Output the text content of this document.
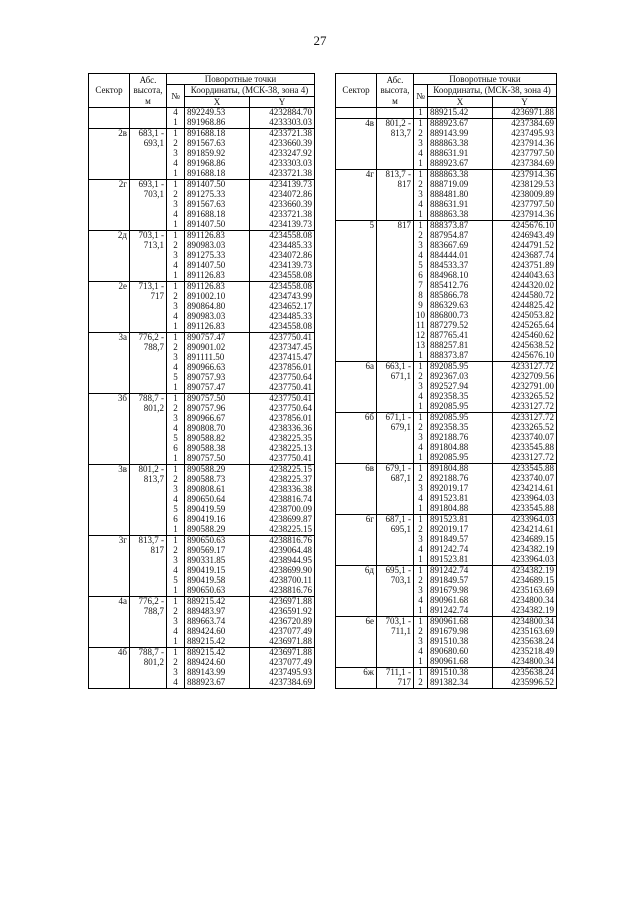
27
Сектор	Абс. высота, м	Поворотные точки		
		№	Координаты, (МСК-38, зона 4)	
			X	Y
		4	892249.53	4232884.70
		1	891968.86	4233303.03
2в	683,1 -	1	891688.18	4233721.38
	693,1	2	891567.63	4233660.39
		3	891859.92	4233247.92
		4	891968.86	4233303.03
		1	891688.18	4233721.38
2г	693,1 -	1	891407.50	4234139.73
	703,1	2	891275.33	4234072.86
		3	891567.63	4233660.39
		4	891688.18	4233721.38
		1	891407.50	4234139.73
2д	703,1 -	1	891126.83	4234558.08
	713,1	2	890983.03	4234485.33
		3	891275.33	4234072.86
		4	891407.50	4234139.73
		1	891126.83	4234558.08
2е	713,1 -	1	891126.83	4234558.08
	717	2	891002.10	4234743.99
		3	890864.80	4234652.17
		4	890983.03	4234485.33
		1	891126.83	4234558.08
3а	776,2 -	1	890757.47	4237750.41
	788,7	2	890901.02	4237347.45
		3	891111.50	4237415.47
		4	890966.63	4237856.01
		5	890757.93	4237750.64
		1	890757.47	4237750.41
3б	788,7 -	1	890757.50	4237750.41
	801,2	2	890757.96	4237750.64
		3	890966.67	4237856.01
		4	890808.70	4238336.36
		5	890588.82	4238225.35
		6	890588.38	4238225.13
		1	890757.50	4237750.41
3в	801,2 -	1	890588.29	4238225.15
	813,7	2	890588.73	4238225.37
		3	890808.61	4238336.38
		4	890650.64	4238816.74
		5	890419.59	4238700.09
		6	890419.16	4238699.87
		1	890588.29	4238225.15
3г	813,7 -	1	890650.63	4238816.76
	817	2	890569.17	4239064.48
		3	890331.85	4238944.95
		4	890419.15	4238699.90
		5	890419.58	4238700.11
		1	890650.63	4238816.76
4а	776,2 -	1	889215.42	4236971.88
	788,7	2	889483.97	4236591.92
		3	889663.74	4236720.89
		4	889424.60	4237077.49
		1	889215.42	4236971.88
4б	788,7 -	1	889215.42	4236971.88
	801,2	2	889424.60	4237077.49
		3	889143.99	4237495.93
		4	888923.67	4237384.69
Сектор	Абс. высота, м	Поворотные точки		
		№	Координаты, (МСК-38, зона 4)	
			X	Y
		1	889215.42	4236971.88
4в	801,2 -	1	888923.67	4237384.69
	813,7	2	889143.99	4237495.93
		3	888863.38	4237914.36
		4	888631.91	4237797.50
		1	888923.67	4237384.69
4г	813,7 -	1	888863.38	4237914.36
	817	2	888719.09	4238129.53
		3	888481.80	4238009.89
		4	888631.91	4237797.50
		1	888863.38	4237914.36
5	817	1	888373.87	4245676.10
		2	887954.87	4246943.49
		3	883667.69	4244791.52
		4	884444.01	4243687.74
		5	884533.37	4243751.89
		6	884968.10	4244043.63
		7	885412.76	4244320.02
		8	885866.78	4244580.72
		9	886329.63	4244825.42
		10	886800.73	4245053.82
		11	887279.52	4245265.64
		12	887765.41	4245460.62
		13	888257.81	4245638.52
		1	888373.87	4245676.10
6а	663,1 -	1	892085.95	4233127.72
	671,1	2	892367.03	4232709.56
		3	892527.94	4232791.00
		4	892358.35	4233265.52
		1	892085.95	4233127.72
6б	671,1 -	1	892085.95	4233127.72
	679,1	2	892358.35	4233265.52
		3	892188.76	4233740.07
		4	891804.88	4233545.88
		1	892085.95	4233127.72
6в	679,1 -	1	891804.88	4233545.88
	687,1	2	892188.76	4233740.07
		3	892019.17	4234214.61
		4	891523.81	4233964.03
		1	891804.88	4233545.88
6г	687,1 -	1	891523.81	4233964.03
	695,1	2	892019.17	4234214.61
		3	891849.57	4234689.15
		4	891242.74	4234382.19
		1	891523.81	4233964.03
6д	695,1 -	1	891242.74	4234382.19
	703,1	2	891849.57	4234689.15
		3	891679.98	4235163.69
		4	890961.68	4234800.34
		1	891242.74	4234382.19
6е	703,1 -	1	890961.68	4234800.34
	711,1	2	891679.98	4235163.69
		3	891510.38	4235638.24
		4	890680.60	4235218.49
		1	890961.68	4234800.34
6ж	711,1 -	1	891510.38	4235638.24
	717	2	891382.34	4235996.52
